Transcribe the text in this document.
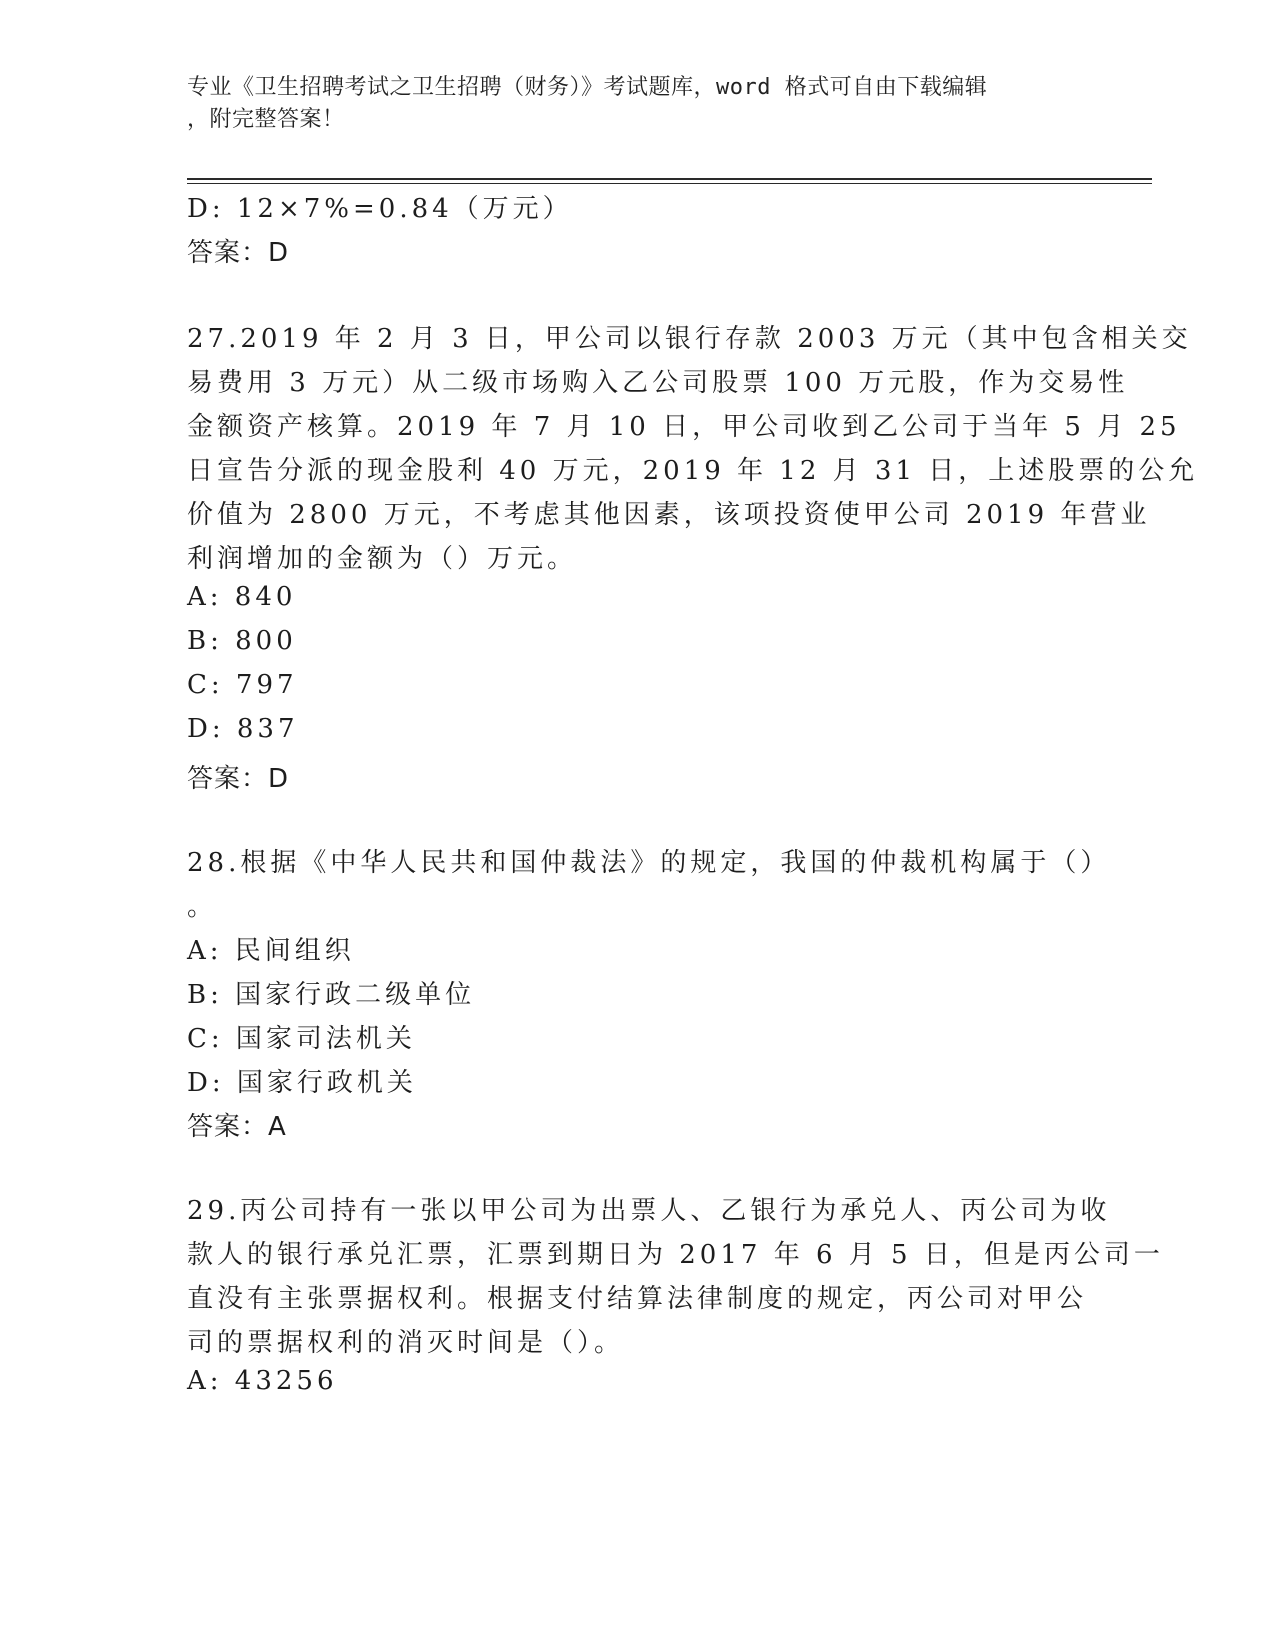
专业《卫生招聘考试之卫生招聘（财务）》考试题库，word 格式可自由下载编辑
，附完整答案！
D: 12×7%=0.84（万元）
答案：D
27.2019 年 2 月 3 日，甲公司以银行存款 2003 万元（其中包含相关交
易费用 3 万元）从二级市场购入乙公司股票 100 万元股，作为交易性
金额资产核算。2019 年 7 月 10 日，甲公司收到乙公司于当年 5 月 25
日宣告分派的现金股利 40 万元，2019 年 12 月 31 日，上述股票的公允
价值为 2800 万元，不考虑其他因素，该项投资使甲公司 2019 年营业
利润增加的金额为（）万元。
A: 840
B: 800
C: 797
D: 837
答案：D
28.根据《中华人民共和国仲裁法》的规定，我国的仲裁机构属于（）
。
A: 民间组织
B: 国家行政二级单位
C: 国家司法机关
D: 国家行政机关
答案：A
29.丙公司持有一张以甲公司为出票人、乙银行为承兑人、丙公司为收
款人的银行承兑汇票，汇票到期日为 2017 年 6 月 5 日，但是丙公司一
直没有主张票据权利。根据支付结算法律制度的规定，丙公司对甲公
司的票据权利的消灭时间是（）。
A: 43256
